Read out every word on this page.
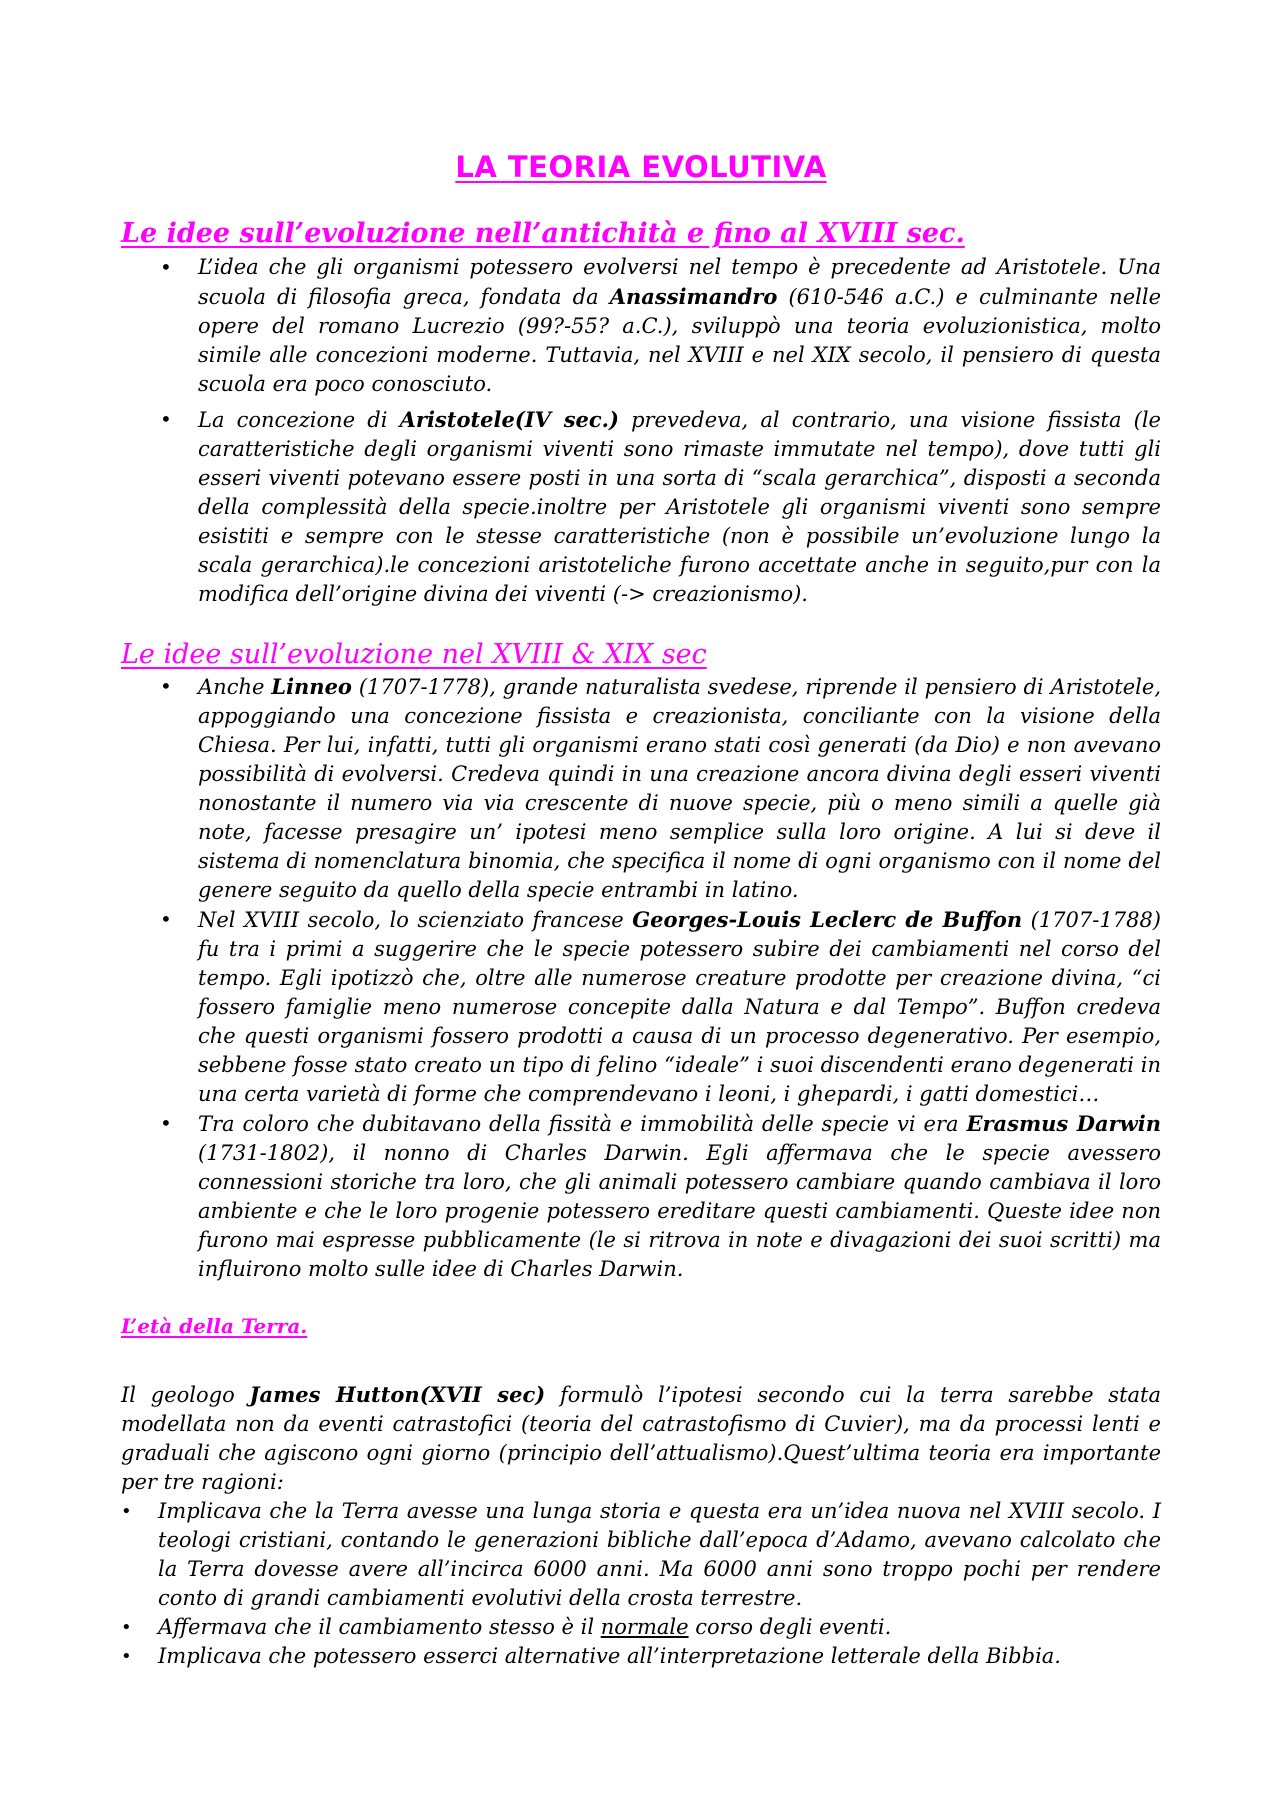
LA TEORIA EVOLUTIVA
Le idee sull’evoluzione nell’antichità e fino al XVIII sec.
• L’idea che gli organismi potessero evolversi nel tempo è precedente ad Aristotele. Una scuola di filosofia greca, fondata da Anassimandro (610-546 a.C.) e culminante nelle opere del romano Lucrezio (99?-55? a.C.), sviluppò una teoria evoluzionistica, molto simile alle concezioni moderne. Tuttavia, nel XVIII e nel XIX secolo, il pensiero di questa scuola era poco conosciuto.
• La concezione di Aristotele(IV sec.) prevedeva, al contrario, una visione fissista (le caratteristiche degli organismi viventi sono rimaste immutate nel tempo), dove tutti gli esseri viventi potevano essere posti in una sorta di “scala gerarchica”, disposti a seconda della complessità della specie.inoltre per Aristotele gli organismi viventi sono sempre esistiti e sempre con le stesse caratteristiche (non è possibile un’evoluzione lungo la scala gerarchica).le concezioni aristoteliche furono accettate anche in seguito,pur con la modifica dell’origine divina dei viventi (-> creazionismo).
Le idee sull’evoluzione nel XVIII & XIX sec
• Anche Linneo (1707-1778), grande naturalista svedese, riprende il pensiero di Aristotele, appoggiando una concezione fissista e creazionista, conciliante con la visione della Chiesa. Per lui, infatti, tutti gli organismi erano stati così generati (da Dio) e non avevano possibilità di evolversi. Credeva quindi in una creazione ancora divina degli esseri viventi nonostante il numero via via crescente di nuove specie, più o meno simili a quelle già note, facesse presagire un’ ipotesi meno semplice sulla loro origine. A lui si deve il sistema di nomenclatura binomia, che specifica il nome di ogni organismo con il nome del genere seguito da quello della specie entrambi in latino.
• Nel XVIII secolo, lo scienziato francese Georges-Louis Leclerc de Buffon (1707-1788) fu tra i primi a suggerire che le specie potessero subire dei cambiamenti nel corso del tempo. Egli ipotizzò che, oltre alle numerose creature prodotte per creazione divina, “ci fossero famiglie meno numerose concepite dalla Natura e dal Tempo”. Buffon credeva che questi organismi fossero prodotti a causa di un processo degenerativo. Per esempio, sebbene fosse stato creato un tipo di felino “ideale” i suoi discendenti erano degenerati in una certa varietà di forme che comprendevano i leoni, i ghepardi, i gatti domestici…
• Tra coloro che dubitavano della fissità e immobilità delle specie vi era Erasmus Darwin (1731-1802), il nonno di Charles Darwin. Egli affermava che le specie avessero connessioni storiche tra loro, che gli animali potessero cambiare quando cambiava il loro ambiente e che le loro progenie potessero ereditare questi cambiamenti. Queste idee non furono mai espresse pubblicamente (le si ritrova in note e divagazioni dei suoi scritti) ma influirono molto sulle idee di Charles Darwin.
L’età della Terra.

Il geologo James Hutton(XVII sec) formulò l’ipotesi secondo cui la terra sarebbe stata modellata non da eventi catrastofici (teoria del catrastofismo di Cuvier), ma da processi lenti e graduali che agiscono ogni giorno (principio dell’attualismo).Quest’ultima teoria era importante per tre ragioni:

• Implicava che la Terra avesse una lunga storia e questa era un’idea nuova nel XVIII secolo. I teologi cristiani, contando le generazioni bibliche dall’epoca d’Adamo, avevano calcolato che la Terra dovesse avere all’incirca 6000 anni. Ma 6000 anni sono troppo pochi per rendere conto di grandi cambiamenti evolutivi della crosta terrestre.
• Affermava che il cambiamento stesso è il normale corso degli eventi.
• Implicava che potessero esserci alternative all’interpretazione letterale della Bibbia.
